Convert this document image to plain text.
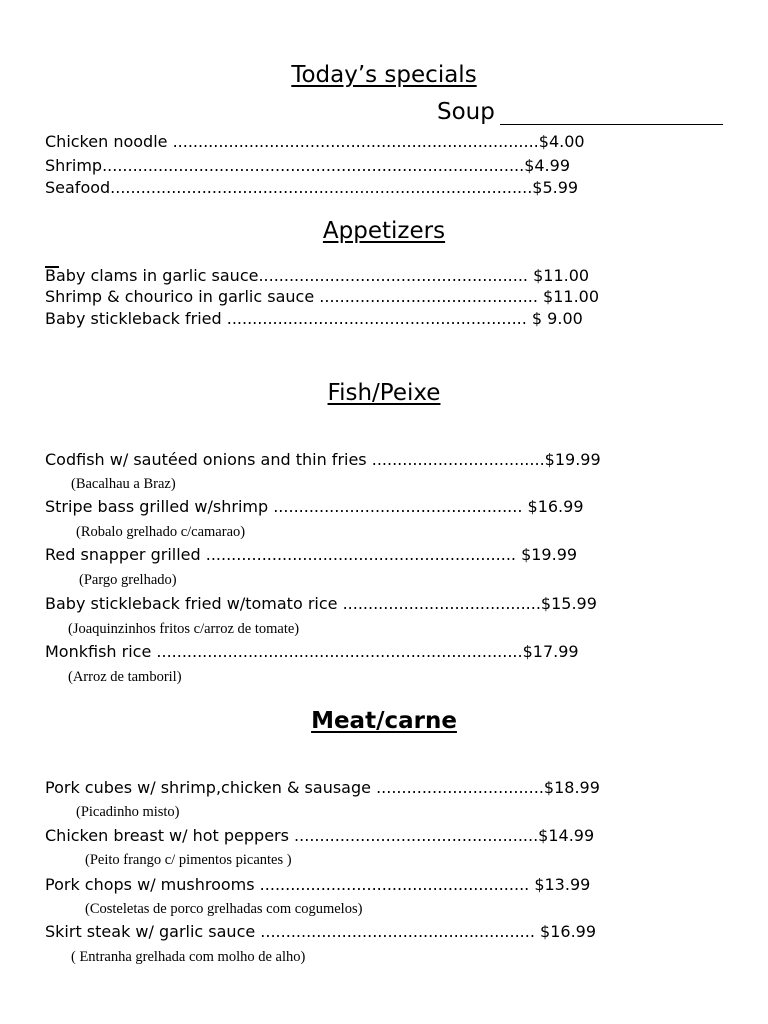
Today’s specials
Soup
Chicken noodle ........................................................................$4.00
Shrimp...................................................................................$4.99
Seafood...................................................................................$5.99
Appetizers
Baby clams in garlic sauce..................................................... $11.00
Shrimp & chourico in garlic sauce ........................................... $11.00
Baby stickleback fried ........................................................... $ 9.00
Fish/Peixe
Codfish w/ sautéed onions and thin fries ..................................$19.99
(Bacalhau a Braz)
Stripe bass grilled w/shrimp ................................................. $16.99
(Robalo grelhado c/camarao)
Red snapper grilled ............................................................. $19.99
(Pargo grelhado)
Baby stickleback fried w/tomato rice .......................................$15.99
(Joaquinzinhos fritos c/arroz de tomate)
Monkfish rice ........................................................................$17.99
(Arroz de tamboril)
Meat/carne
Pork cubes w/ shrimp,chicken & sausage .................................$18.99
(Picadinho misto)
Chicken breast w/ hot peppers ................................................$14.99
(Peito frango c/ pimentos picantes )
Pork chops w/ mushrooms ..................................................... $13.99
(Costeletas de porco grelhadas com cogumelos)
Skirt steak w/ garlic sauce ...................................................... $16.99
( Entranha grelhada com molho de alho)
